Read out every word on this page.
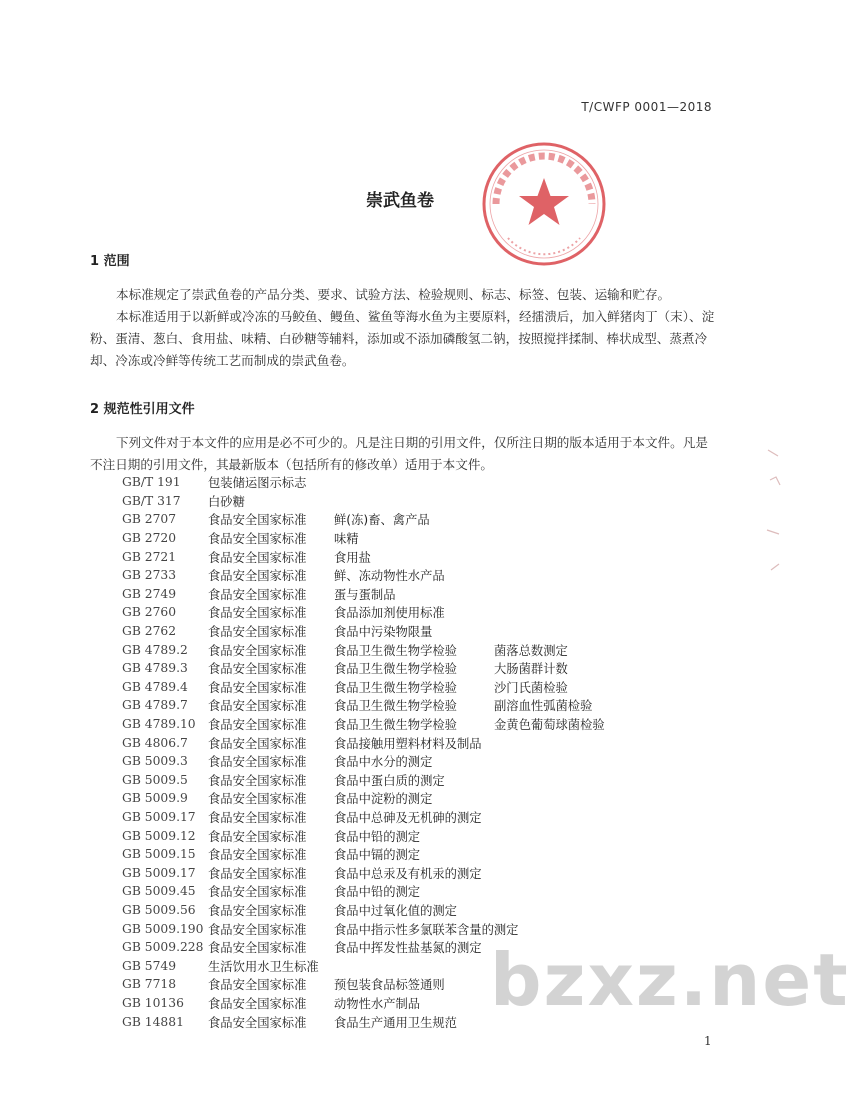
T/CWFP 0001—2018
崇武鱼卷
1 范围
本标准规定了崇武鱼卷的产品分类、要求、试验方法、检验规则、标志、标签、包装、运输和贮存。
本标准适用于以新鲜或冷冻的马鲛鱼、鳗鱼、鲨鱼等海水鱼为主要原料，经擂溃后，加入鲜猪肉丁（末）、淀粉、蛋清、葱白、食用盐、味精、白砂糖等辅料，添加或不添加磷酸氢二钠，按照搅拌揉制、棒状成型、蒸煮冷却、冷冻或冷鲜等传统工艺而制成的崇武鱼卷。
2 规范性引用文件
下列文件对于本文件的应用是必不可少的。凡是注日期的引用文件，仅所注日期的版本适用于本文件。凡是不注日期的引用文件，其最新版本（包括所有的修改单）适用于本文件。
GB/T 191	包装储运图示标志
GB/T 317	白砂糖
GB 2707	食品安全国家标准	鲜(冻)畜、禽产品
GB 2720	食品安全国家标准	味精
GB 2721	食品安全国家标准	食用盐
GB 2733	食品安全国家标准	鲜、冻动物性水产品
GB 2749	食品安全国家标准	蛋与蛋制品
GB 2760	食品安全国家标准	食品添加剂使用标准
GB 2762	食品安全国家标准	食品中污染物限量
GB 4789.2	食品安全国家标准	食品卫生微生物学检验	菌落总数测定
GB 4789.3	食品安全国家标准	食品卫生微生物学检验	大肠菌群计数
GB 4789.4	食品安全国家标准	食品卫生微生物学检验	沙门氏菌检验
GB 4789.7	食品安全国家标准	食品卫生微生物学检验	副溶血性弧菌检验
GB 4789.10	食品安全国家标准	食品卫生微生物学检验	金黄色葡萄球菌检验
GB 4806.7	食品安全国家标准	食品接触用塑料材料及制品
GB 5009.3	食品安全国家标准	食品中水分的测定
GB 5009.5	食品安全国家标准	食品中蛋白质的测定
GB 5009.9	食品安全国家标准	食品中淀粉的测定
GB 5009.17	食品安全国家标准	食品中总砷及无机砷的测定
GB 5009.12	食品安全国家标准	食品中铅的测定
GB 5009.15	食品安全国家标准	食品中镉的测定
GB 5009.17	食品安全国家标准	食品中总汞及有机汞的测定
GB 5009.45	食品安全国家标准	食品中铅的测定
GB 5009.56	食品安全国家标准	食品中过氧化值的测定
GB 5009.190 食品安全国家标准	食品中指示性多氯联苯含量的测定
GB 5009.228 食品安全国家标准	食品中挥发性盐基氮的测定
GB 5749	生活饮用水卫生标准
GB 7718	食品安全国家标准	预包装食品标签通则
GB 10136	食品安全国家标准	动物性水产制品
GB 14881	食品安全国家标准	食品生产通用卫生规范
bzxz.net
1
